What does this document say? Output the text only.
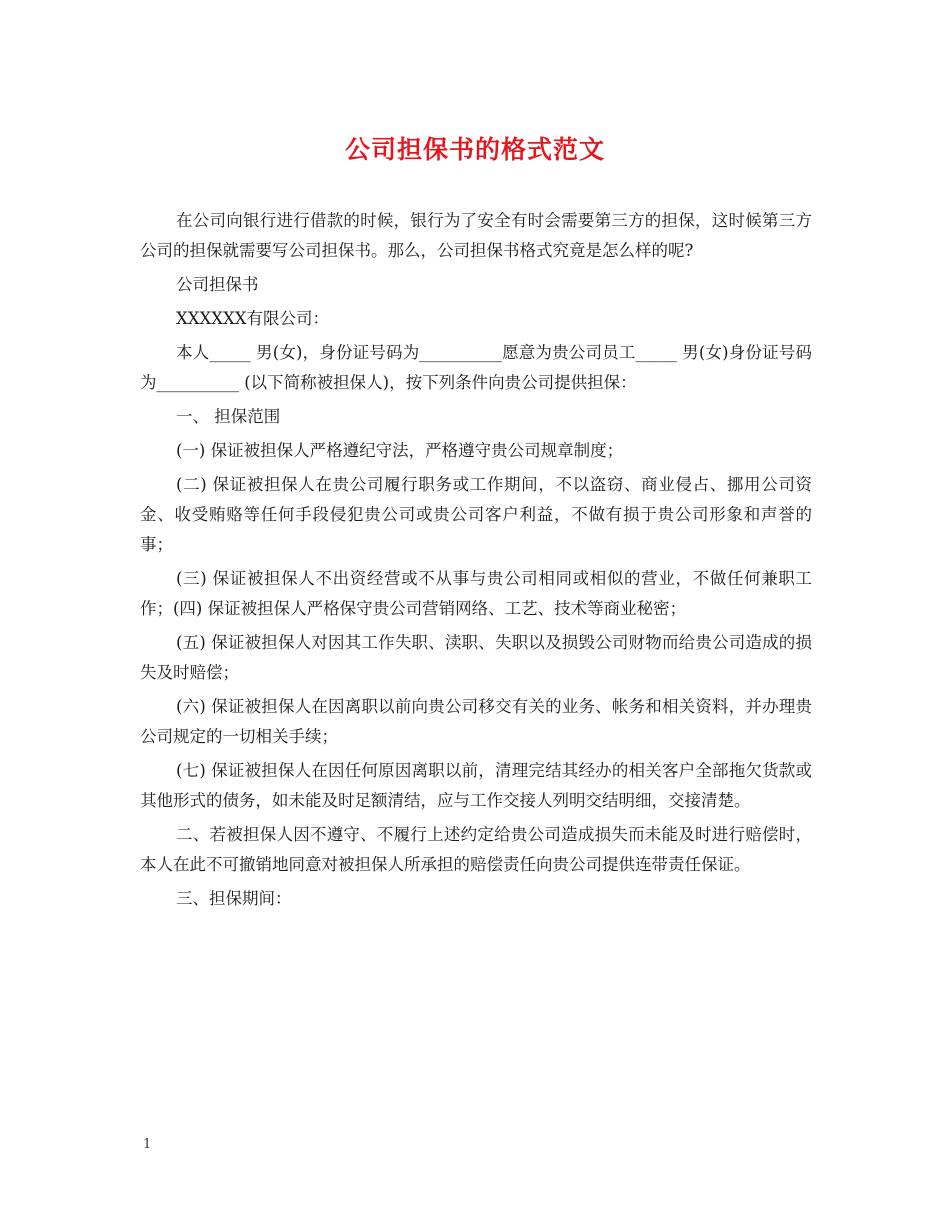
公司担保书的格式范文

在公司向银行进行借款的时候，银行为了安全有时会需要第三方的担保，这时候第三方公司的担保就需要写公司担保书。那么，公司担保书格式究竟是怎么样的呢?

公司担保书

XXXXXX有限公司：

本人_____ 男(女)，身份证号码为__________愿意为贵公司员工_____ 男(女)身份证号码为__________ (以下简称被担保人)，按下列条件向贵公司提供担保：

一、 担保范围

(一) 保证被担保人严格遵纪守法，严格遵守贵公司规章制度；

(二) 保证被担保人在贵公司履行职务或工作期间，不以盗窃、商业侵占、挪用公司资金、收受贿赂等任何手段侵犯贵公司或贵公司客户利益，不做有损于贵公司形象和声誉的事；

(三) 保证被担保人不出资经营或不从事与贵公司相同或相似的营业，不做任何兼职工作；(四) 保证被担保人严格保守贵公司营销网络、工艺、技术等商业秘密；

(五) 保证被担保人对因其工作失职、渎职、失职以及损毁公司财物而给贵公司造成的损失及时赔偿；

(六) 保证被担保人在因离职以前向贵公司移交有关的业务、帐务和相关资料，并办理贵公司规定的一切相关手续；

(七) 保证被担保人在因任何原因离职以前，清理完结其经办的相关客户全部拖欠货款或其他形式的债务，如未能及时足额清结，应与工作交接人列明交结明细，交接清楚。

二、若被担保人因不遵守、不履行上述约定给贵公司造成损失而未能及时进行赔偿时，本人在此不可撤销地同意对被担保人所承担的赔偿责任向贵公司提供连带责任保证。

三、担保期间：

1
